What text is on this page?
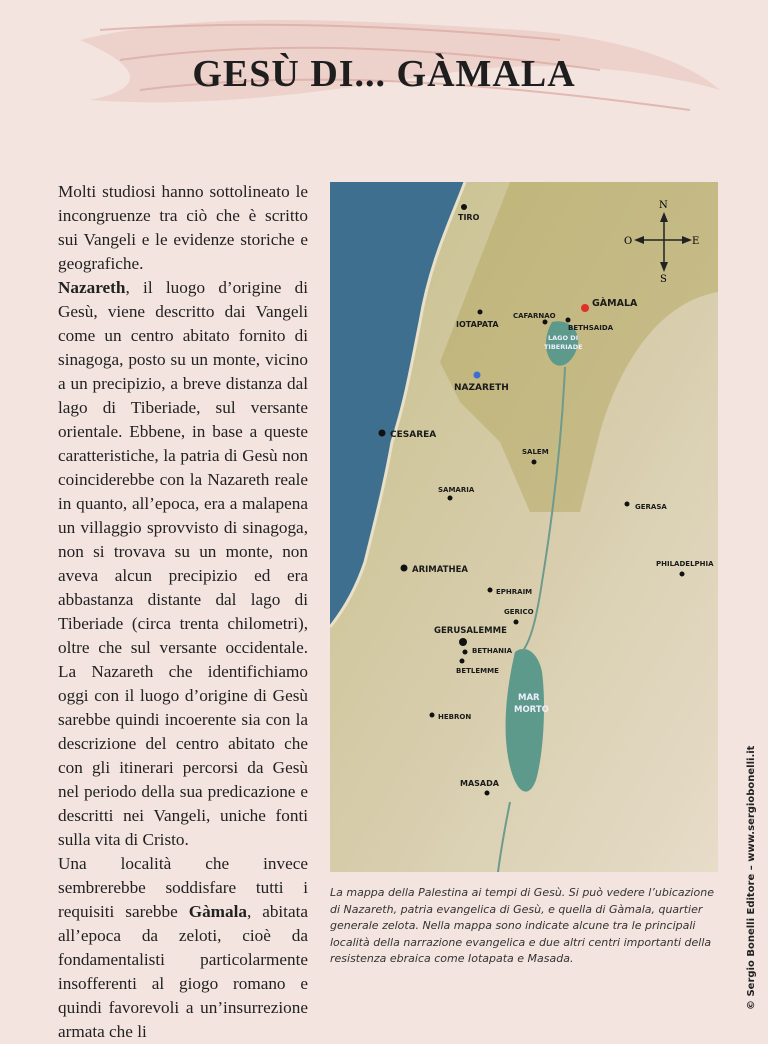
GESÙ DI... GÀMALA

Molti studiosi hanno sottolineato le incongruenze tra ciò che è scritto sui Vangeli e le evidenze storiche e geografiche.

Nazareth, il luogo d’origine di Gesù, viene descritto dai Vangeli come un centro abitato fornito di sinagoga, posto su un monte, vicino a un precipizio, a breve distanza dal lago di Tiberiade, sul versante orientale. Ebbene, in base a queste caratteristiche, la patria di Gesù non coinciderebbe con la Nazareth reale in quanto, all’epoca, era a malapena un villaggio sprovvisto di sinagoga, non si trovava su un monte, non aveva alcun precipizio ed era abbastanza distante dal lago di Tiberiade (circa trenta chilometri), oltre che sul versante occidentale. La Nazareth che identifichiamo oggi con il luogo d’origine di Gesù sarebbe quindi incoerente sia con la descrizione del centro abitato che con gli itinerari percorsi da Gesù nel periodo della sua predicazione e descritti nei Vangeli, uniche fonti sulla vita di Cristo.

Una località che invece sembrerebbe soddisfare tutti i requisiti sarebbe Gàmala, abitata all’epoca da zeloti, cioè da fondamentalisti particolarmente insofferenti al giogo romano e quindi favorevoli a un’insurrezione armata che li

N
S
E
O
TIRO
GÀMALA
CAFARNAO
BETHSAIDA
IOTAPATA
LAGO DI
TIBERIADE
NAZARETH
CESAREA
SALEM
SAMARIA
GERASA
PHILADELPHIA
ARIMATHEA
EPHRAIM
GERICO
GERUSALEMME
BETHANIA
BETLEMME
HEBRON
MAR
MORTO
MASADA
La mappa della Palestina ai tempi di Gesù. Si può vedere l’ubicazione di Nazareth, patria evangelica di Gesù, e quella di Gàmala, quartier generale zelota. Nella mappa sono indicate alcune tra le principali località della narrazione evangelica e due altri centri importanti della resistenza ebraica come Iotapata e Masada.	© Sergio Bonelli Editore – www.sergiobonelli.it
